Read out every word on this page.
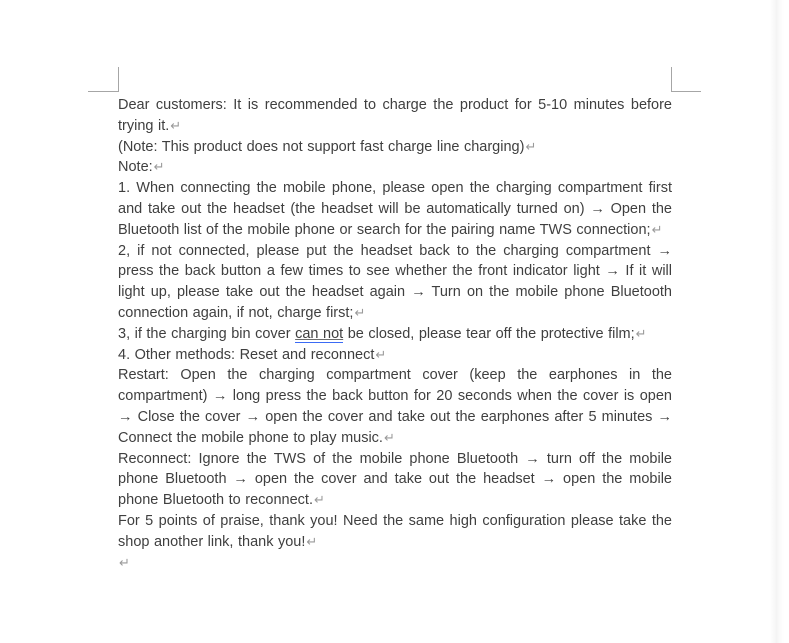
Dear customers: It is recommended to charge the product for 5-10 minutes before trying it.↵
(Note: This product does not support fast charge line charging)↵
Note:↵
1. When connecting the mobile phone, please open the charging compartment first and take out the headset (the headset will be automatically turned on) → Open the Bluetooth list of the mobile phone or search for the pairing name TWS connection;↵
2, if not connected, please put the headset back to the charging compartment → press the back button a few times to see whether the front indicator light → If it will light up, please take out the headset again → Turn on the mobile phone Bluetooth connection again, if not, charge first;↵
3, if the charging bin cover can not be closed, please tear off the protective film;↵
4. Other methods: Reset and reconnect↵
Restart: Open the charging compartment cover (keep the earphones in the compartment) → long press the back button for 20 seconds when the cover is open → Close the cover → open the cover and take out the earphones after 5 minutes → Connect the mobile phone to play music.↵
Reconnect: Ignore the TWS of the mobile phone Bluetooth → turn off the mobile phone Bluetooth → open the cover and take out the headset → open the mobile phone Bluetooth to reconnect.↵
For 5 points of praise, thank you! Need the same high configuration please take the shop another link, thank you!↵
↵
